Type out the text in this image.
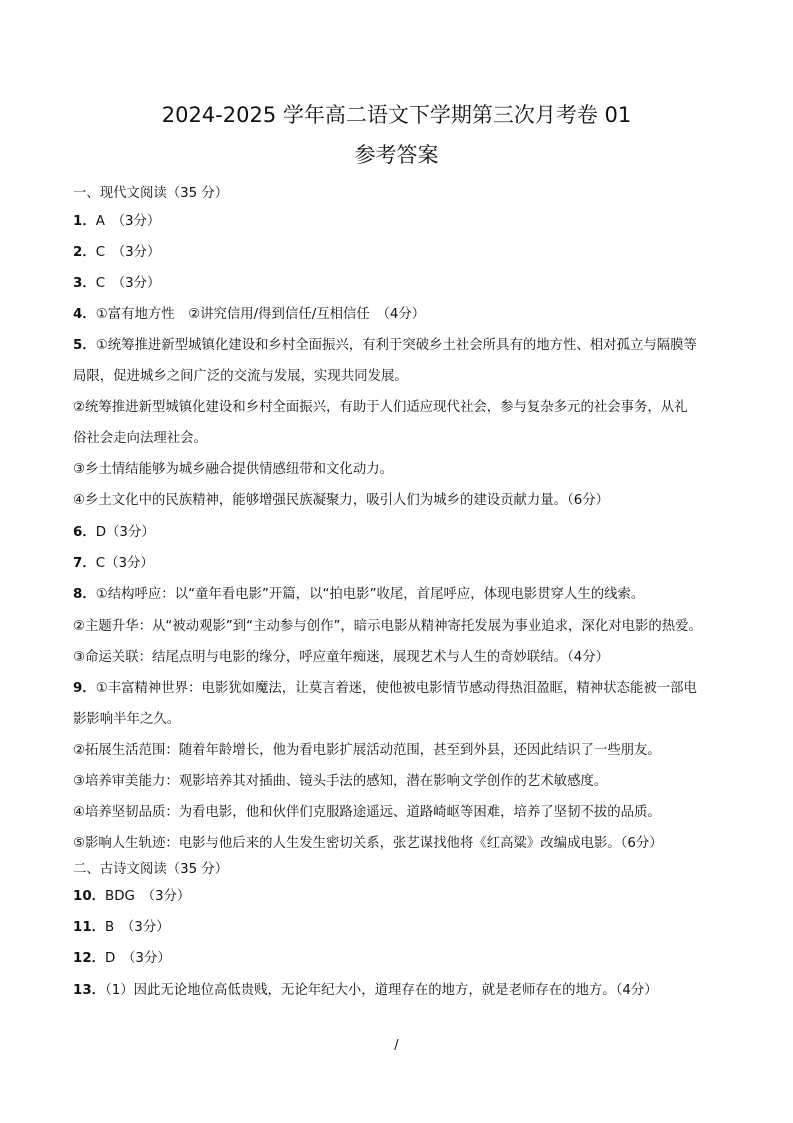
2024-2025 学年高二语文下学期第三次月考卷 01
参考答案
一、现代文阅读（35 分）
1．A　（3分）
2．C　（3分）
3．C　（3分）
4．①富有地方性　②讲究信用/得到信任/互相信任　（4分）
5．①统筹推进新型城镇化建设和乡村全面振兴，有利于突破乡土社会所具有的地方性、相对孤立与隔膜等
局限，促进城乡之间广泛的交流与发展，实现共同发展。
②统筹推进新型城镇化建设和乡村全面振兴，有助于人们适应现代社会，参与复杂多元的社会事务，从礼
俗社会走向法理社会。
③乡土情结能够为城乡融合提供情感纽带和文化动力。
④乡土文化中的民族精神，能够增强民族凝聚力，吸引人们为城乡的建设贡献力量。（6分）
6．D（3分）
7．C（3分）
8．①结构呼应：以“童年看电影”开篇，以“拍电影”收尾，首尾呼应，体现电影贯穿人生的线索。
②主题升华：从“被动观影”到“主动参与创作”，暗示电影从精神寄托发展为事业追求，深化对电影的热爱。
③命运关联：结尾点明与电影的缘分，呼应童年痴迷，展现艺术与人生的奇妙联结。（4分）
9．①丰富精神世界：电影犹如魔法，让莫言着迷，使他被电影情节感动得热泪盈眶，精神状态能被一部电
影影响半年之久。
②拓展生活范围：随着年龄增长，他为看电影扩展活动范围，甚至到外县，还因此结识了一些朋友。
③培养审美能力：观影培养其对插曲、镜头手法的感知，潜在影响文学创作的艺术敏感度。
④培养坚韧品质：为看电影，他和伙伴们克服路途遥远、道路崎岖等困难，培养了坚韧不拔的品质。
⑤影响人生轨迹：电影与他后来的人生发生密切关系，张艺谋找他将《红高粱》改编成电影。（6分）
二、古诗文阅读（35 分）
10．BDG　（3分）
11．B　（3分）
12．D　（3分）
13．（1）因此无论地位高低贵贱，无论年纪大小，道理存在的地方，就是老师存在的地方。（4分）
/
